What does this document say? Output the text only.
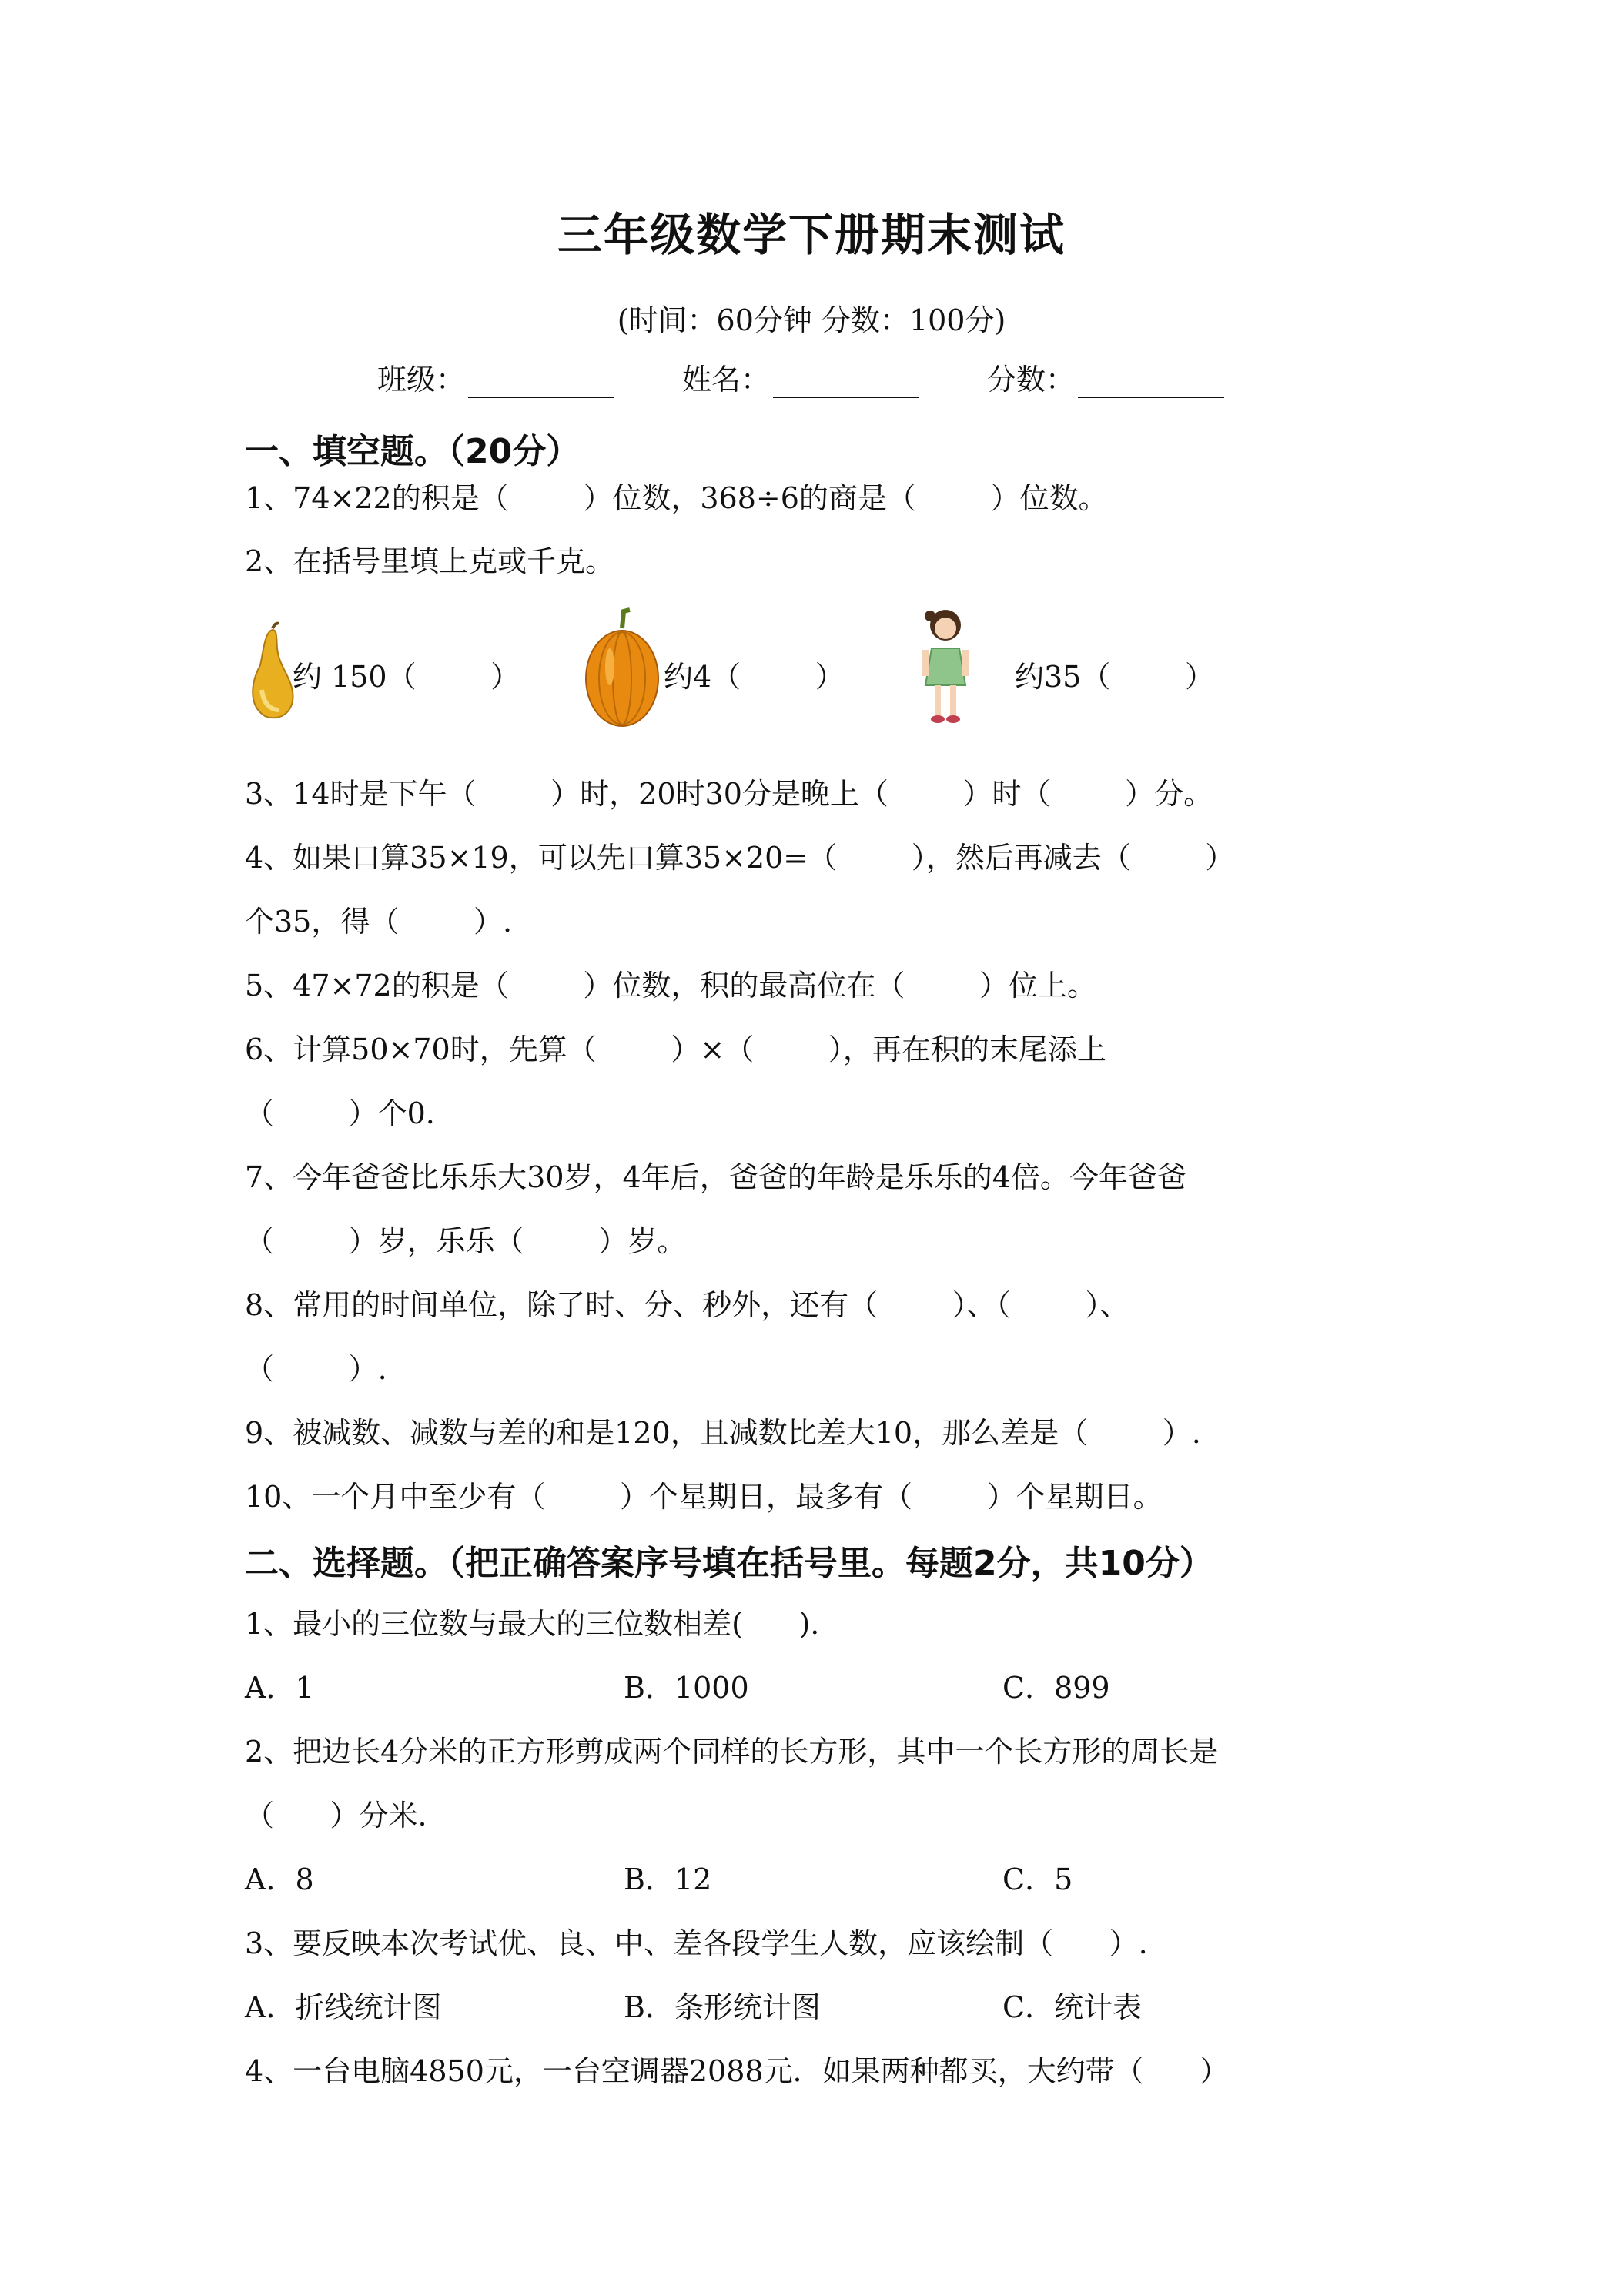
三年级数学下册期末测试
(时间：60分钟 分数：100分)
班级：	姓名：	分数：
一、填空题。（20分）
1、74×22的积是（        ）位数，368÷6的商是（        ）位数。
2、在括号里填上克或千克。
约 150（        ）	约4（        ）	约35（        ）
3、14时是下午（        ）时，20时30分是晚上（        ）时（        ）分。
4、如果口算35×19，可以先口算35×20=（        ），然后再减去（        ）
个35，得（        ）.
5、47×72的积是（        ）位数，积的最高位在（        ）位上。
6、计算50×70时，先算（        ）×（        ），再在积的末尾添上
（        ）个0.
7、今年爸爸比乐乐大30岁，4年后，爸爸的年龄是乐乐的4倍。今年爸爸
（        ）岁，乐乐（        ）岁。
8、常用的时间单位，除了时、分、秒外，还有（        ）、（        ）、
（        ）.
9、被减数、减数与差的和是120，且减数比差大10，那么差是（        ）.
10、一个月中至少有（        ）个星期日，最多有（        ）个星期日。
二、选择题。（把正确答案序号填在括号里。每题2分，共10分）
1、最小的三位数与最大的三位数相差(      ).
A．1	B．1000	C．899
2、把边长4分米的正方形剪成两个同样的长方形，其中一个长方形的周长是
（      ）分米.
A．8	B．12	C．5
3、要反映本次考试优、良、中、差各段学生人数，应该绘制（      ）.
A．折线统计图	B．条形统计图	C．统计表
4、一台电脑4850元，一台空调器2088元．如果两种都买，大约带（      ）
